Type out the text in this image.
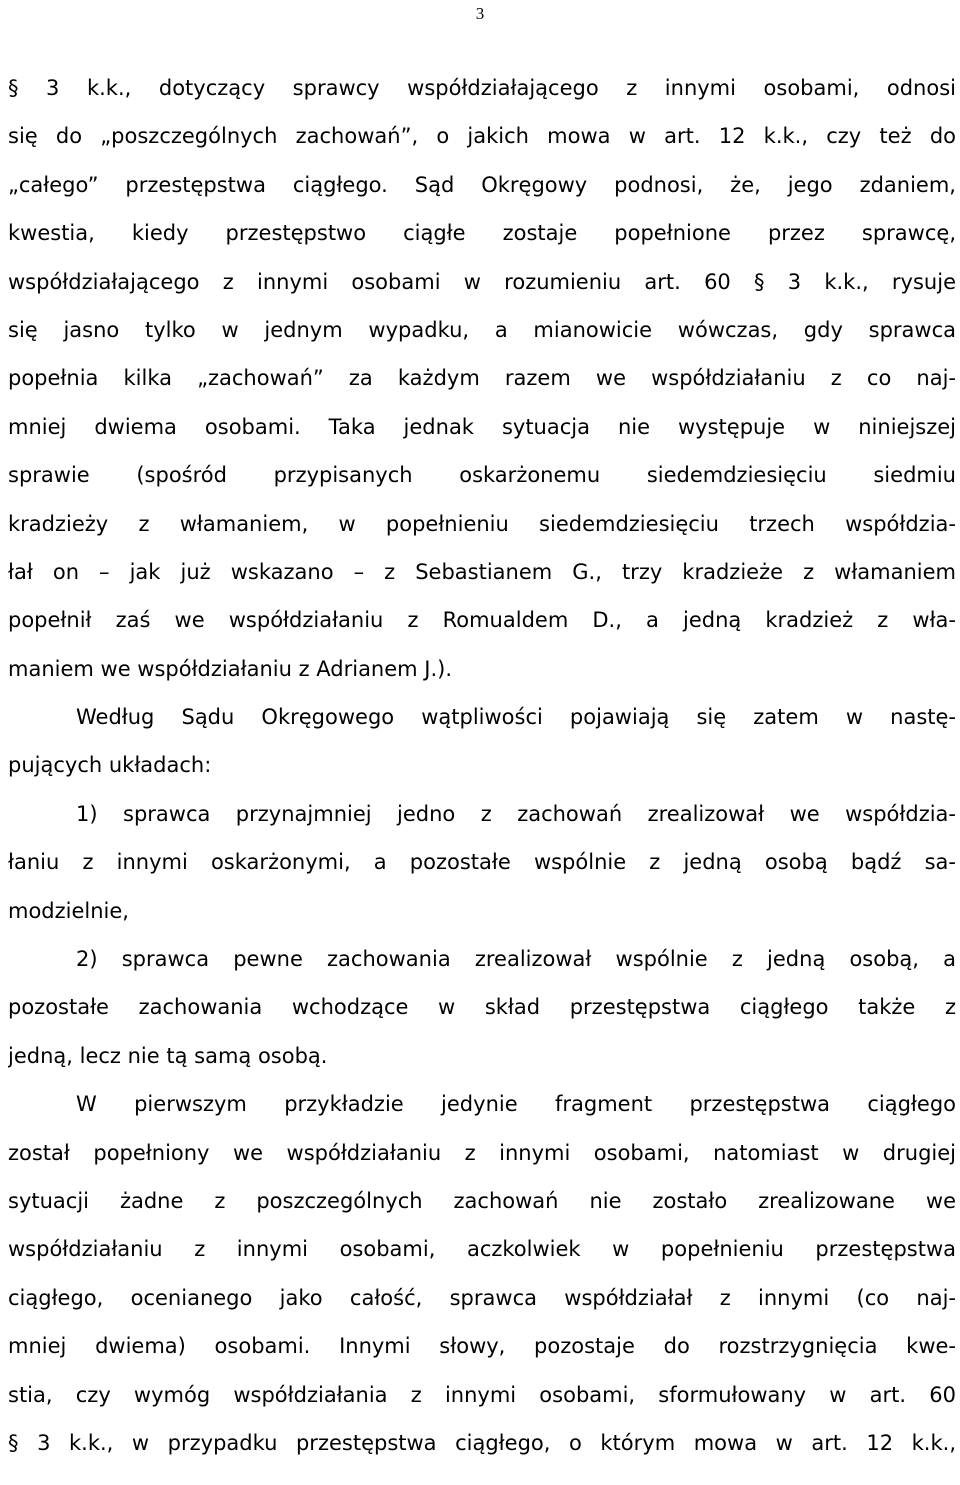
3
§ 3 k.k., dotyczący sprawcy współdziałającego z innymi osobami, odnosi
się do „poszczególnych zachowań”, o jakich mowa w art. 12 k.k., czy też do
„całego” przestępstwa ciągłego. Sąd Okręgowy podnosi, że, jego zdaniem,
kwestia, kiedy przestępstwo ciągłe zostaje popełnione przez sprawcę,
współdziałającego z innymi osobami w rozumieniu art. 60 § 3 k.k., rysuje
się jasno tylko w jednym wypadku, a mianowicie wówczas, gdy sprawca
popełnia kilka „zachowań” za każdym razem we współdziałaniu z co naj-
mniej dwiema osobami. Taka jednak sytuacja nie występuje w niniejszej
sprawie (spośród przypisanych oskarżonemu siedemdziesięciu siedmiu
kradzieży z włamaniem, w popełnieniu siedemdziesięciu trzech współdzia-
łał on – jak już wskazano – z Sebastianem G., trzy kradzieże z włamaniem
popełnił zaś we współdziałaniu z Romualdem D., a jedną kradzież z wła-
maniem we współdziałaniu z Adrianem J.).
Według Sądu Okręgowego wątpliwości pojawiają się zatem w nastę-
pujących układach:
1) sprawca przynajmniej jedno z zachowań zrealizował we współdzia-
łaniu z innymi oskarżonymi, a pozostałe wspólnie z jedną osobą bądź sa-
modzielnie,
2) sprawca pewne zachowania zrealizował wspólnie z jedną osobą, a
pozostałe zachowania wchodzące w skład przestępstwa ciągłego także z
jedną, lecz nie tą samą osobą.
W pierwszym przykładzie jedynie fragment przestępstwa ciągłego
został popełniony we współdziałaniu z innymi osobami, natomiast w drugiej
sytuacji żadne z poszczególnych zachowań nie zostało zrealizowane we
współdziałaniu z innymi osobami, aczkolwiek w popełnieniu przestępstwa
ciągłego, ocenianego jako całość, sprawca współdziałał z innymi (co naj-
mniej dwiema) osobami. Innymi słowy, pozostaje do rozstrzygnięcia kwe-
stia, czy wymóg współdziałania z innymi osobami, sformułowany w art. 60
§ 3 k.k., w przypadku przestępstwa ciągłego, o którym mowa w art. 12 k.k.,
